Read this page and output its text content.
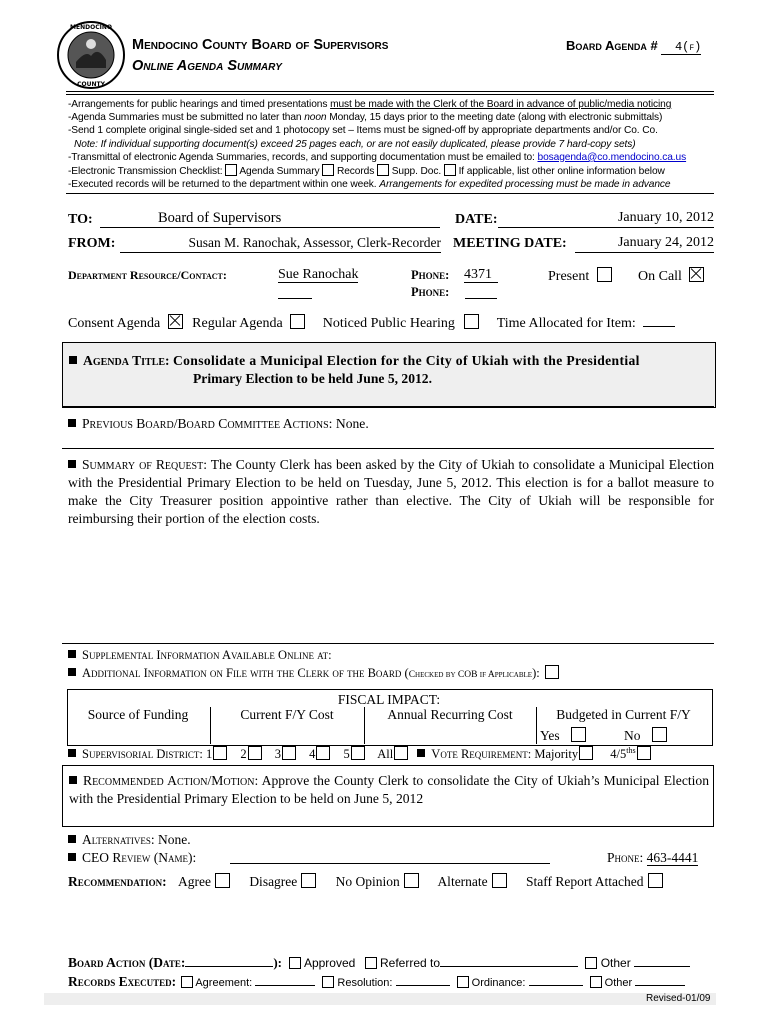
MENDOCINO
COUNTY
Mendocino County Board of Supervisors
Online Agenda Summary
Board Agenda # 4(f)
-Arrangements for public hearings and timed presentations must be made with the Clerk of the Board in advance of public/media noticing
-Agenda Summaries must be submitted no later than noon Monday, 15 days prior to the meeting date (along with electronic submittals)
-Send 1 complete original single-sided set and 1 photocopy set – Items must be signed-off by appropriate departments and/or Co. Co.
Note: If individual supporting document(s) exceed 25 pages each, or are not easily duplicated, please provide 7 hard-copy sets)
-Transmittal of electronic Agenda Summaries, records, and supporting documentation must be emailed to: bosagenda@co.mendocino.ca.us
-Electronic Transmission Checklist: Agenda Summary Records Supp. Doc. If applicable, list other online information below
-Executed records will be returned to the department within one week. Arrangements for expedited processing must be made in advance
TO:	Board of Supervisors	DATE:	January 10, 2012
FROM:	Susan M. Ranochak, Assessor, Clerk-Recorder MEETING DATE:	January 24, 2012
Department Resource/Contact:	Sue Ranochak	Phone: 4371
Phone:
Present	On Call
Consent Agenda Regular Agenda	Noticed Public Hearing	Time Allocated for Item:
Agenda Title: Consolidate a Municipal Election for the City of Ukiah with the Presidential
Primary Election to be held June 5, 2012.
Previous Board/Board Committee Actions: None.
Summary of Request: The County Clerk has been asked by the City of Ukiah to consolidate a Municipal Election with the Presidential Primary Election to be held on Tuesday, June 5, 2012. This election is for a ballot measure to make the City Treasurer position appointive rather than elective. The City of Ukiah will be responsible for reimbursing their portion of the election costs.
Supplemental Information Available Online at:
Additional Information on File with the Clerk of the Board (Checked by COB if Applicable):
FISCAL IMPACT:
Source of Funding	Current F/Y Cost	Annual Recurring Cost	Budgeted in Current F/Y
Yes	No
Supervisorial District: 1 2 3 4 5 All	Vote Requirement: Majority	$4/5^{ths}$
Recommended Action/Motion: Approve the County Clerk to consolidate the City of Ukiah’s Municipal Election with the Presidential Primary Election to be held on June 5, 2012
Alternatives: None.
CEO Review (Name):	Phone: 463-4441
Recommendation: Agree	Disagree	No Opinion	Alternate	Staff Report Attached
Board Action (Date:	): Approved Referred to	Other
Records Executed: Agreement:	Resolution:	Ordinance:	Other
Revised-01/09
